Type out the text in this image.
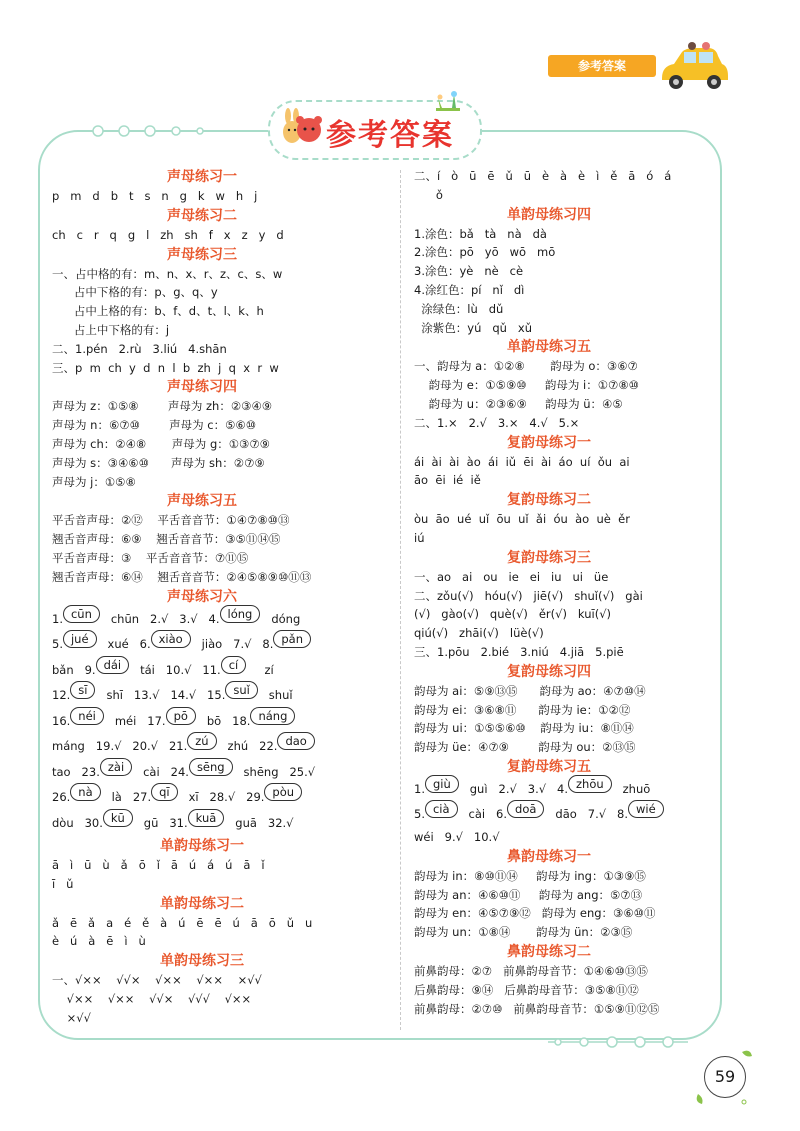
参考答案
参考答案
声母练习一
p   m   d   b   t   s   n   g   k   w   h   j
声母练习二
ch   c   r   q   g   l   zh   sh   f   x   z   y   d
声母练习三
一、占中格的有：m、n、x、r、z、c、s、w
占中下格的有：p、g、q、y
占中上格的有：b、f、d、t、l、k、h
占上中下格的有：j
二、1.pén   2.rù   3.liú   4.shān
三、p  m  ch  y  d  n  l  b  zh  j  q  x  r  w
声母练习四
声母为 z：①⑤⑧        声母为 zh：②③④⑨
声母为 n：⑥⑦⑩        声母为 c：⑤⑥⑩
声母为 ch：②④⑧       声母为 g：①③⑦⑨
声母为 s：③④⑥⑩      声母为 sh：②⑦⑨
声母为 j：①⑤⑧
声母练习五
平舌音声母：②⑫    平舌音音节：①④⑦⑧⑩⑬
翘舌音声母：⑥⑨    翘舌音音节：③⑤⑪⑭⑮
平舌音声母：③    平舌音音节：⑦⑪⑮
翘舌音声母：⑥⑭    翘舌音音节：②④⑤⑧⑨⑩⑪⑬
声母练习六
1. cūn   chūn   2.√   3.√   4. lóng   dóng
5. jué   xué   6. xiào   jiào   7.√   8. pǎn
bǎn   9. dái   tái   10.√   11. cí     zí
12. sī   shī   13.√   14.√   15. suǐ   shuǐ
16. néi   méi   17. pō   bō   18. náng
máng   19.√   20.√   21. zú   zhú   22. dao
tao   23. zài   cài   24. sēng   shēng   25.√
26. nà   là   27. qī   xī   28.√   29. pòu
dòu   30. kū   gū   31. kuā   guā   32.√
单韵母练习一
ā   ì   ū   ù   ǎ   ō   ǐ   ā   ú   á   ú   ā   ǐ
ī   ǔ
单韵母练习二
ǎ   ē   ǎ   a   é   ě   à   ú   ē   ē   ú   ā   ō   ǔ   u
è   ú   à   ē   ì   ù
单韵母练习三
一、√××    √√×    √××    √××    ×√√
√××    √××    √√×    √√√    √××
×√√
二、í   ò   ū   ē   ǔ   ū   è   à   è   ì   ě   ā   ó   á
ǒ
单韵母练习四
1.涂色：bǎ   tà   nà   dà
2.涂色：pō   yō   wō   mō
3.涂色：yè   nè   cè
4.涂红色：pí   nǐ   dì
涂绿色：lù   dǔ
涂紫色：yú   qǔ   xǔ
单韵母练习五
一、韵母为 a：①②⑧       韵母为 o：③⑥⑦
韵母为 e：①⑤⑨⑩     韵母为 i：①⑦⑧⑩
韵母为 u：②③⑥⑨     韵母为 ü：④⑤
二、1.×   2.√   3.×   4.√   5.×
复韵母练习一
ái  ài  ài  ào  ái  iǔ  ēi  ài  áo  uí  ǒu  ai
āo  ēi  ié  iě
复韵母练习二
òu  āo  ué  uǐ  ōu  uǐ  ǎi  óu  ào  uè  ěr
iú
复韵母练习三
一、ao   ai   ou   ie   ei   iu   ui   üe
二、zǒu(√)   hóu(√)   jiē(√)   shuǐ(√)   gài
(√)   gào(√)   què(√)   ěr(√)   kuī(√)
qiú(√)   zhāi(√)   lüè(√)
三、1.pōu   2.bié   3.niú   4.jiā   5.piē
复韵母练习四
韵母为 ai：⑤⑨⑬⑮      韵母为 ao：④⑦⑩⑭
韵母为 ei：③⑥⑧⑪      韵母为 ie：①②⑫
韵母为 ui：①⑤⑤⑥⑩    韵母为 iu：⑧⑪⑭
韵母为 üe：④⑦⑨        韵母为 ou：②⑬⑮
复韵母练习五
1. giù   guì   2.√   3.√   4. zhōu   zhuō
5. cià   cài   6. doā   dāo   7.√   8. wié
wéi   9.√   10.√
鼻韵母练习一
韵母为 in：⑧⑩⑪⑭     韵母为 ing：①③⑨⑮
韵母为 an：④⑥⑩⑪     韵母为 ang：⑤⑦⑬
韵母为 en：④⑤⑦⑨⑫   韵母为 eng：③⑥⑩⑪
韵母为 un：①⑧⑭       韵母为 ün：②③⑮
鼻韵母练习二
前鼻韵母：②⑦   前鼻韵母音节：①④⑥⑩⑬⑮
后鼻韵母：⑨⑭   后鼻韵母音节：③⑤⑧⑪⑫
前鼻韵母：②⑦⑩   前鼻韵母音节：①⑤⑨⑪⑫⑮
59
